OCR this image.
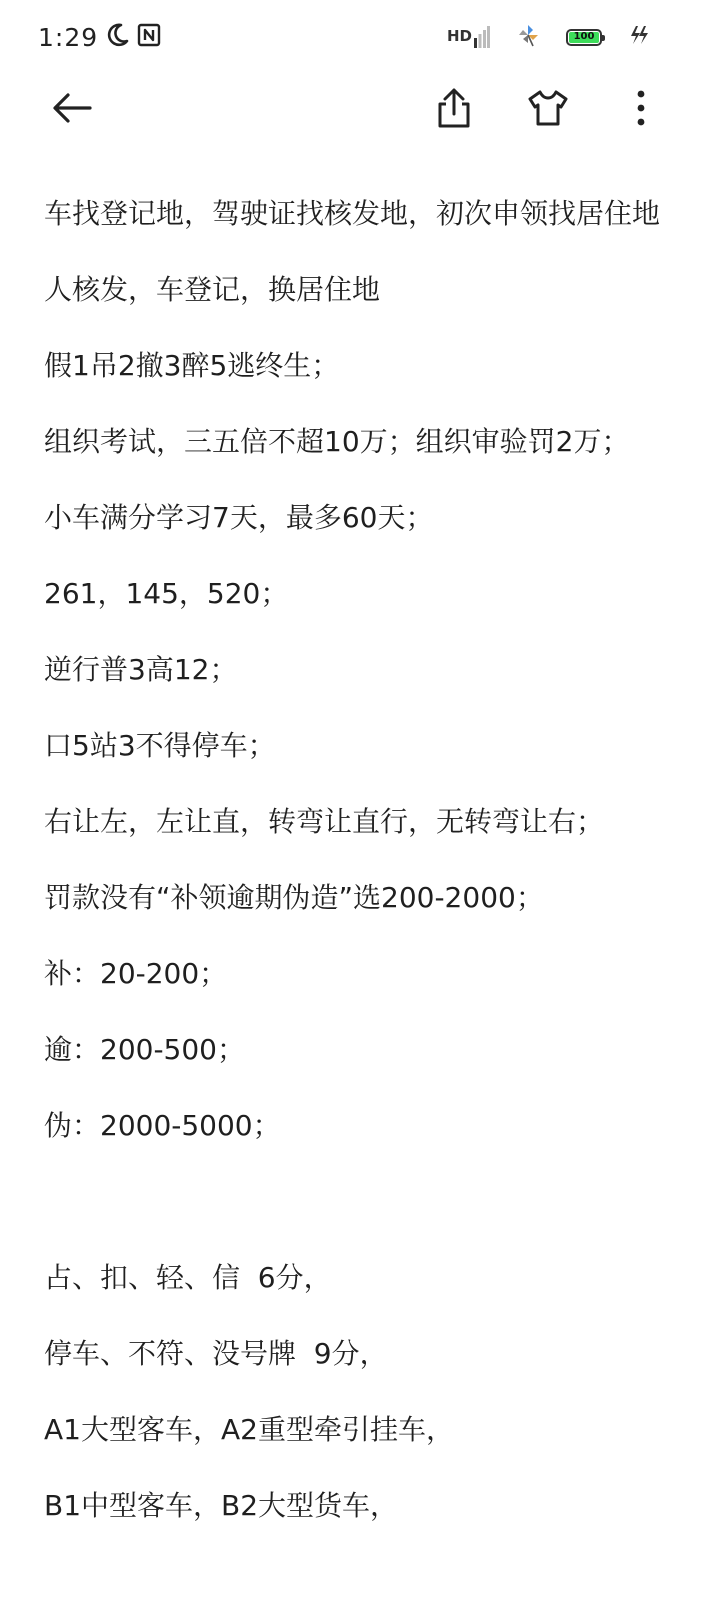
1:29	HD	100

车找登记地，驾驶证找核发地，初次申领找居住地

人核发，车登记，换居住地

假1吊2撤3醉5逃终生；

组织考试，三五倍不超10万；组织审验罚2万；

小车满分学习7天，最多60天；

261，145，520；

逆行普3高12；

口5站3不得停车；

右让左，左让直，转弯让直行，无转弯让右；

罚款没有“补领逾期伪造”选200-2000；

补：20-200；

逾：200-500；

伪：2000-5000；

占、扣、轻、信  6分，

停车、不符、没号牌  9分，

A1大型客车，A2重型牵引挂车，

B1中型客车，B2大型货车，
